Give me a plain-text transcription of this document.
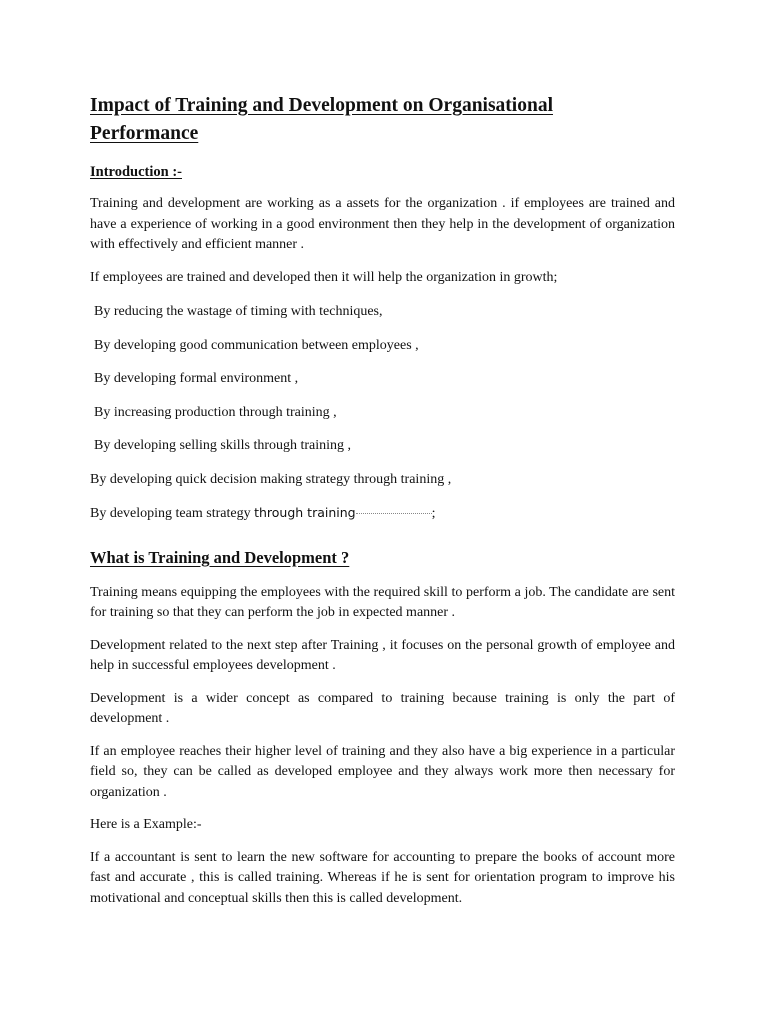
Impact of Training and Development on Organisational
Performance
Introduction :-

Training and development are working as a assets for the organization . if employees are trained and have a experience of working in a good environment then they help in the development of organization with effectively and efficient manner .

If employees are trained and developed then it will help the organization in growth;

By reducing the wastage of timing with techniques,
By developing good communication between employees ,
By developing formal environment ,
By increasing production through training ,
By developing selling skills through training ,
By developing quick decision making strategy through training ,
By developing team strategy through training	;
What is Training and Development ?

Training means equipping the employees with the required skill to perform a job. The candidate are sent for training so that they can perform the job in expected manner .

Development related to the next step after Training , it focuses on the personal growth of employee and help in successful employees development .

Development is a wider concept as compared to training because training is only the part of development .

If an employee reaches their higher level of training and they also have a big experience in a particular field so, they can be called as developed employee and they always work more then necessary for organization .

Here is a Example:-

If a accountant is sent to learn the new software for accounting to prepare the books of account more fast and accurate , this is called training. Whereas if he is sent for orientation program to improve his motivational and conceptual skills then this is called development.
